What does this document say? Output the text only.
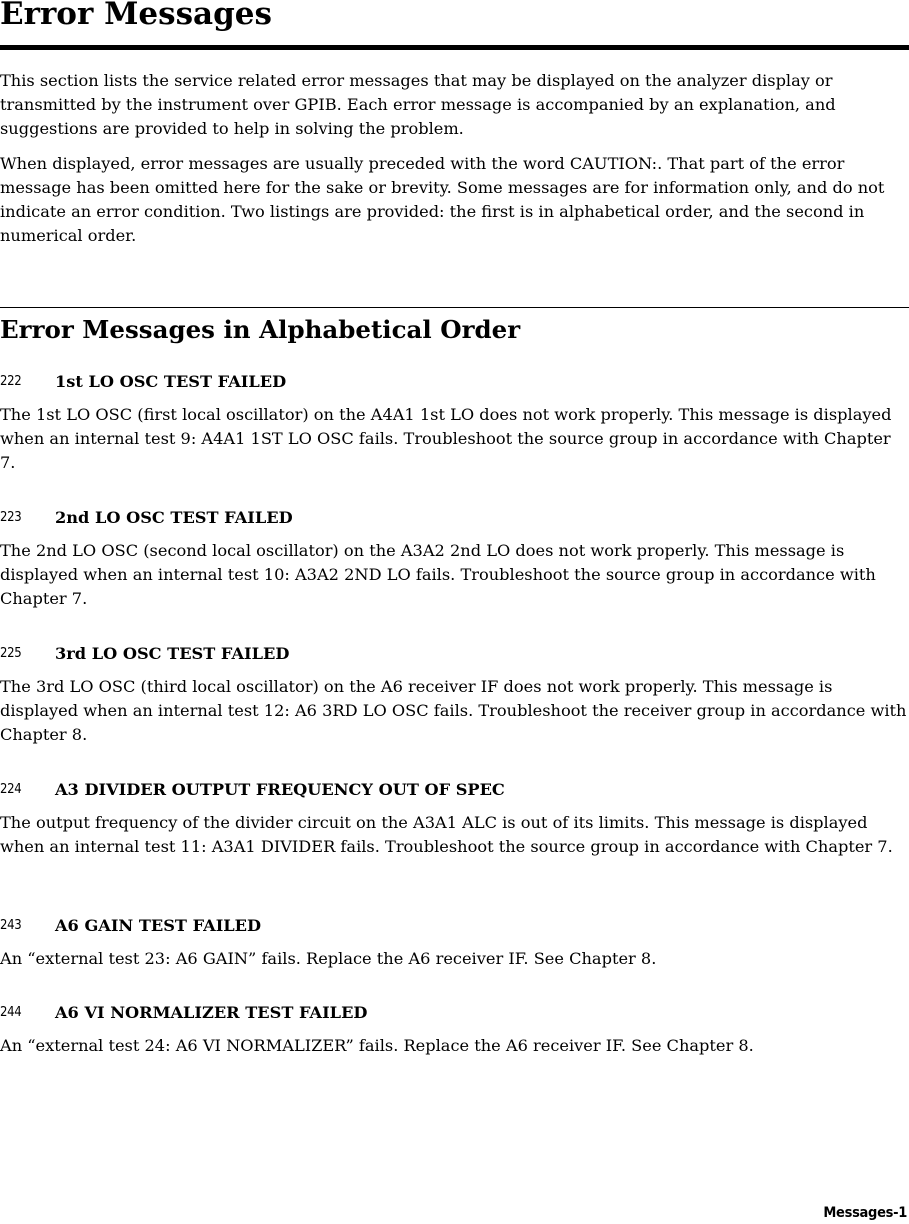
Error Messages

This section lists the service related error messages that may be displayed on the analyzer display or transmitted by the instrument over GPIB. Each error message is accompanied by an explanation, and suggestions are provided to help in solving the problem.

When displayed, error messages are usually preceded with the word CAUTION:. That part of the error message has been omitted here for the sake or brevity. Some messages are for information only, and do not indicate an error condition. Two listings are provided: the first is in alphabetical order, and the second in numerical order.

Error Messages in Alphabetical Order
222 1st LO OSC TEST FAILED

The 1st LO OSC (first local oscillator) on the A4A1 1st LO does not work properly. This message is displayed when an internal test 9: A4A1 1ST LO OSC fails. Troubleshoot the source group in accordance with Chapter 7.

223 2nd LO OSC TEST FAILED

The 2nd LO OSC (second local oscillator) on the A3A2 2nd LO does not work properly. This message is displayed when an internal test 10: A3A2 2ND LO fails. Troubleshoot the source group in accordance with Chapter 7.

225 3rd LO OSC TEST FAILED

The 3rd LO OSC (third local oscillator) on the A6 receiver IF does not work properly. This message is displayed when an internal test 12: A6 3RD LO OSC fails. Troubleshoot the receiver group in accordance with Chapter 8.

224 A3 DIVIDER OUTPUT FREQUENCY OUT OF SPEC

The output frequency of the divider circuit on the A3A1 ALC is out of its limits. This message is displayed when an internal test 11: A3A1 DIVIDER fails. Troubleshoot the source group in accordance with Chapter 7.

243 A6 GAIN TEST FAILED

An “external test 23: A6 GAIN” fails. Replace the A6 receiver IF. See Chapter 8.

244 A6 VI NORMALIZER TEST FAILED

An “external test 24: A6 VI NORMALIZER” fails. Replace the A6 receiver IF. See Chapter 8.

Messages-1
